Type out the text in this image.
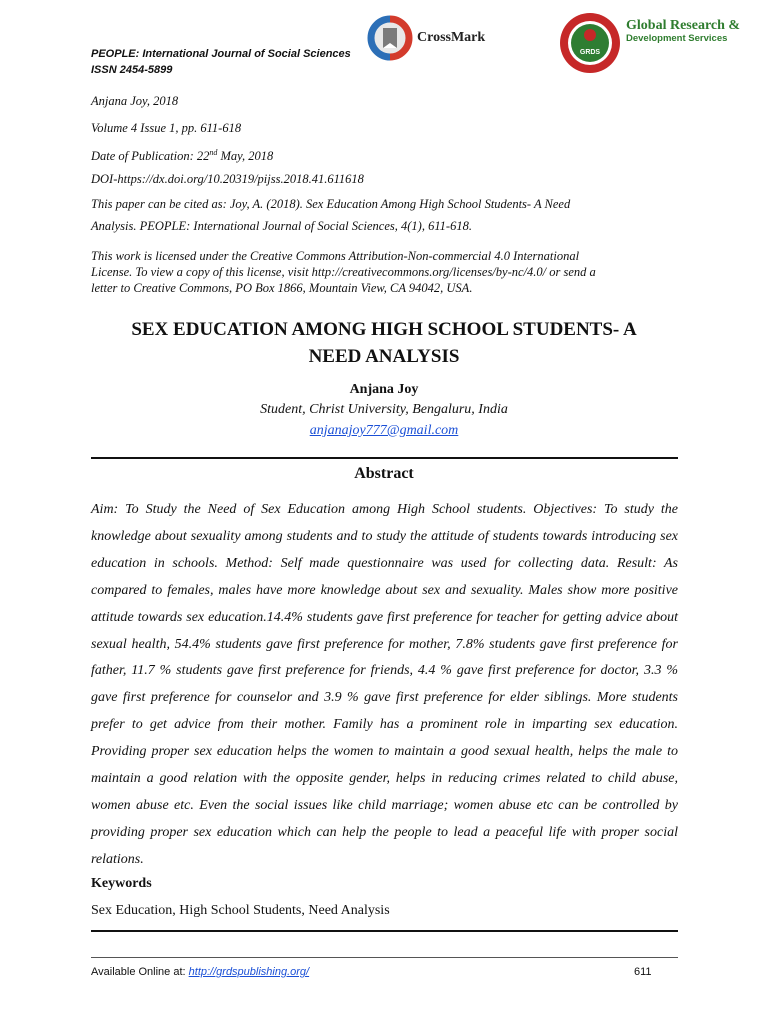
PEOPLE: International Journal of Social Sciences
ISSN 2454-5899
CrossMark
GRDS
Global Research &
Development Services
Anjana Joy, 2018
Volume 4 Issue 1, pp. 611-618
Date of Publication: 22nd May, 2018
DOI-https://dx.doi.org/10.20319/pijss.2018.41.611618
This paper can be cited as: Joy, A. (2018). Sex Education Among High School Students- A Need
Analysis. PEOPLE: International Journal of Social Sciences, 4(1), 611-618.
This work is licensed under the Creative Commons Attribution-Non-commercial 4.0 International
License. To view a copy of this license, visit http://creativecommons.org/licenses/by-nc/4.0/ or send a
letter to Creative Commons, PO Box 1866, Mountain View, CA 94042, USA.
SEX EDUCATION AMONG HIGH SCHOOL STUDENTS- A
NEED ANALYSIS
Anjana Joy
Student, Christ University, Bengaluru, India
anjanajoy777@gmail.com
Abstract
Aim: To Study the Need of Sex Education among High School students. Objectives: To study the knowledge about sexuality among students and to study the attitude of students towards introducing sex education in schools. Method: Self made questionnaire was used for collecting data. Result: As compared to females, males have more knowledge about sex and sexuality. Males show more positive attitude towards sex education.14.4% students gave first preference for teacher for getting advice about sexual health, 54.4% students gave first preference for mother, 7.8% students gave first preference for father, 11.7 % students gave first preference for friends, 4.4 % gave first preference for doctor, 3.3 % gave first preference for counselor and 3.9 % gave first preference for elder siblings. More students prefer to get advice from their mother. Family has a prominent role in imparting sex education. Providing proper sex education helps the women to maintain a good sexual health, helps the male to maintain a good relation with the opposite gender, helps in reducing crimes related to child abuse, women abuse etc. Even the social issues like child marriage; women abuse etc can be controlled by providing proper sex education which can help the people to lead a peaceful life with proper social relations.
Keywords
Sex Education, High School Students, Need Analysis
Available Online at: http://grdspublishing.org/	611
